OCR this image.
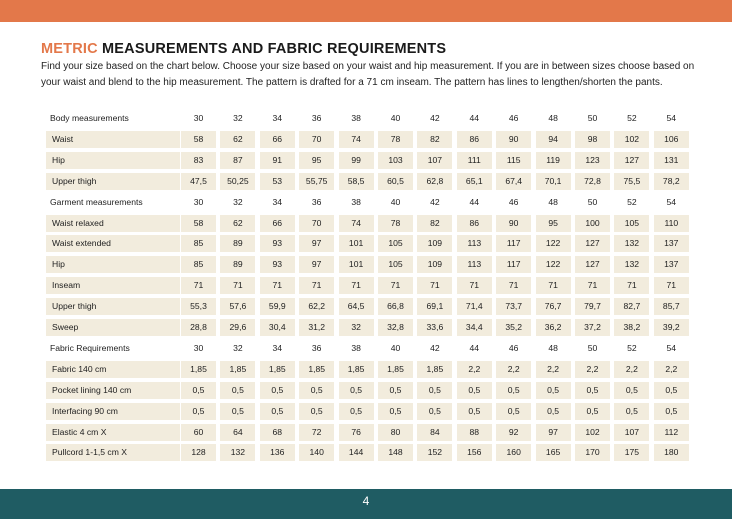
METRIC MEASUREMENTS AND FABRIC REQUIREMENTS
Find your size based on the chart below. Choose your size based on your waist and hip measurement. If you are in between sizes choose based on your waist and blend to the hip measurement. The pattern is drafted for a 71 cm inseam. The pattern has lines to lengthen/shorten the pants.
Body measurements	30	32	34	36	38	40	42	44	46	48	50	52	54
Waist	58	62	66	70	74	78	82	86	90	94	98	102	106
Hip	83	87	91	95	99	103	107	111	115	119	123	127	131
Upper thigh	47,5	50,25	53	55,75	58,5	60,5	62,8	65,1	67,4	70,1	72,8	75,5	78,2
Garment measurements	30	32	34	36	38	40	42	44	46	48	50	52	54
Waist relaxed	58	62	66	70	74	78	82	86	90	95	100	105	110
Waist extended	85	89	93	97	101	105	109	113	117	122	127	132	137
Hip	85	89	93	97	101	105	109	113	117	122	127	132	137
Inseam	71	71	71	71	71	71	71	71	71	71	71	71	71
Upper thigh	55,3	57,6	59,9	62,2	64,5	66,8	69,1	71,4	73,7	76,7	79,7	82,7	85,7
Sweep	28,8	29,6	30,4	31,2	32	32,8	33,6	34,4	35,2	36,2	37,2	38,2	39,2
Fabric Requirements	30	32	34	36	38	40	42	44	46	48	50	52	54
Fabric 140 cm	1,85	1,85	1,85	1,85	1,85	1,85	1,85	2,2	2,2	2,2	2,2	2,2	2,2
Pocket lining 140 cm	0,5	0,5	0,5	0,5	0,5	0,5	0,5	0,5	0,5	0,5	0,5	0,5	0,5
Interfacing 90 cm	0,5	0,5	0,5	0,5	0,5	0,5	0,5	0,5	0,5	0,5	0,5	0,5	0,5
Elastic 4 cm X	60	64	68	72	76	80	84	88	92	97	102	107	112
Pullcord 1-1,5 cm X	128	132	136	140	144	148	152	156	160	165	170	175	180
4
